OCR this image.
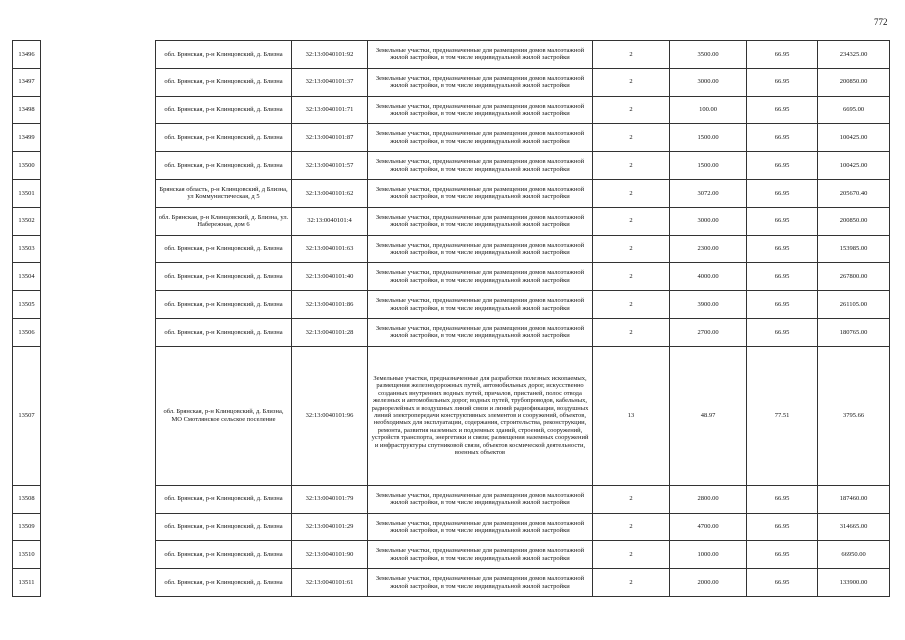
772
13496		обл. Брянская, р-н Клинцовский, д. Близна	32:13:0040101:92	Земельные участки, предназначенные для размещения домов малоэтажной жилой застройки, в том числе индивидуальной жилой застройки	2	3500.00	66.95	234325.00
13497		обл. Брянская, р-н Клинцовский, д. Близна	32:13:0040101:37	Земельные участки, предназначенные для размещения домов малоэтажной жилой застройки, в том числе индивидуальной жилой застройки	2	3000.00	66.95	200850.00
13498		обл. Брянская, р-н Клинцовский, д. Близна	32:13:0040101:71	Земельные участки, предназначенные для размещения домов малоэтажной жилой застройки, в том числе индивидуальной жилой застройки	2	100.00	66.95	6695.00
13499		обл. Брянская, р-н Клинцовский, д. Близна	32:13:0040101:87	Земельные участки, предназначенные для размещения домов малоэтажной жилой застройки, в том числе индивидуальной жилой застройки	2	1500.00	66.95	100425.00
13500		обл. Брянская, р-н Клинцовский, д. Близна	32:13:0040101:57	Земельные участки, предназначенные для размещения домов малоэтажной жилой застройки, в том числе индивидуальной жилой застройки	2	1500.00	66.95	100425.00
13501		Брянская область, р-н Клинцовский, д Близна, ул Коммунистическая, д 5	32:13:0040101:62	Земельные участки, предназначенные для размещения домов малоэтажной жилой застройки, в том числе индивидуальной жилой застройки	2	3072.00	66.95	205670.40
13502		обл. Брянская, р-н Клинцовский, д. Близна, ул. Набережная, дом 6	32:13:0040101:4	Земельные участки, предназначенные для размещения домов малоэтажной жилой застройки, в том числе индивидуальной жилой застройки	2	3000.00	66.95	200850.00
13503		обл. Брянская, р-н Клинцовский, д. Близна	32:13:0040101:63	Земельные участки, предназначенные для размещения домов малоэтажной жилой застройки, в том числе индивидуальной жилой застройки	2	2300.00	66.95	153985.00
13504		обл. Брянская, р-н Клинцовский, д. Близна	32:13:0040101:40	Земельные участки, предназначенные для размещения домов малоэтажной жилой застройки, в том числе индивидуальной жилой застройки	2	4000.00	66.95	267800.00
13505		обл. Брянская, р-н Клинцовский, д. Близна	32:13:0040101:86	Земельные участки, предназначенные для размещения домов малоэтажной жилой застройки, в том числе индивидуальной жилой застройки	2	3900.00	66.95	261105.00
13506		обл. Брянская, р-н Клинцовский, д. Близна	32:13:0040101:28	Земельные участки, предназначенные для размещения домов малоэтажной жилой застройки, в том числе индивидуальной жилой застройки	2	2700.00	66.95	180765.00
13507		обл. Брянская, р-н Клинцовский, д. Близна, МО Смотлянское сельское поселение	32:13:0040101:96	Земельные участки, предназначенные для разработки полезных ископаемых, размещения железнодорожных путей, автомобильных дорог, искусственно созданных внутренних водных путей, причалов, пристаней, полос отвода железных и автомобильных дорог, водных путей, трубопроводов, кабельных, радиорелейных и воздушных линий связи и линий радиофикации, воздушных линий электропередачи конструктивных элементов и сооружений, объектов, необходимых для эксплуатации, содержания, строительства, реконструкции, ремонта, развития наземных и подземных зданий, строений, сооружений, устройств транспорта, энергетики и связи; размещения наземных сооружений и инфраструктуры спутниковой связи, объектов космической деятельности, военных объектов	13	48.97	77.51	3795.66
13508		обл. Брянская, р-н Клинцовский, д. Близна	32:13:0040101:79	Земельные участки, предназначенные для размещения домов малоэтажной жилой застройки, в том числе индивидуальной жилой застройки	2	2800.00	66.95	187460.00
13509		обл. Брянская, р-н Клинцовский, д. Близна	32:13:0040101:29	Земельные участки, предназначенные для размещения домов малоэтажной жилой застройки, в том числе индивидуальной жилой застройки	2	4700.00	66.95	314665.00
13510		обл. Брянская, р-н Клинцовский, д. Близна	32:13:0040101:90	Земельные участки, предназначенные для размещения домов малоэтажной жилой застройки, в том числе индивидуальной жилой застройки	2	1000.00	66.95	66950.00
13511		обл. Брянская, р-н Клинцовский, д. Близна	32:13:0040101:61	Земельные участки, предназначенные для размещения домов малоэтажной жилой застройки, в том числе индивидуальной жилой застройки	2	2000.00	66.95	133900.00
